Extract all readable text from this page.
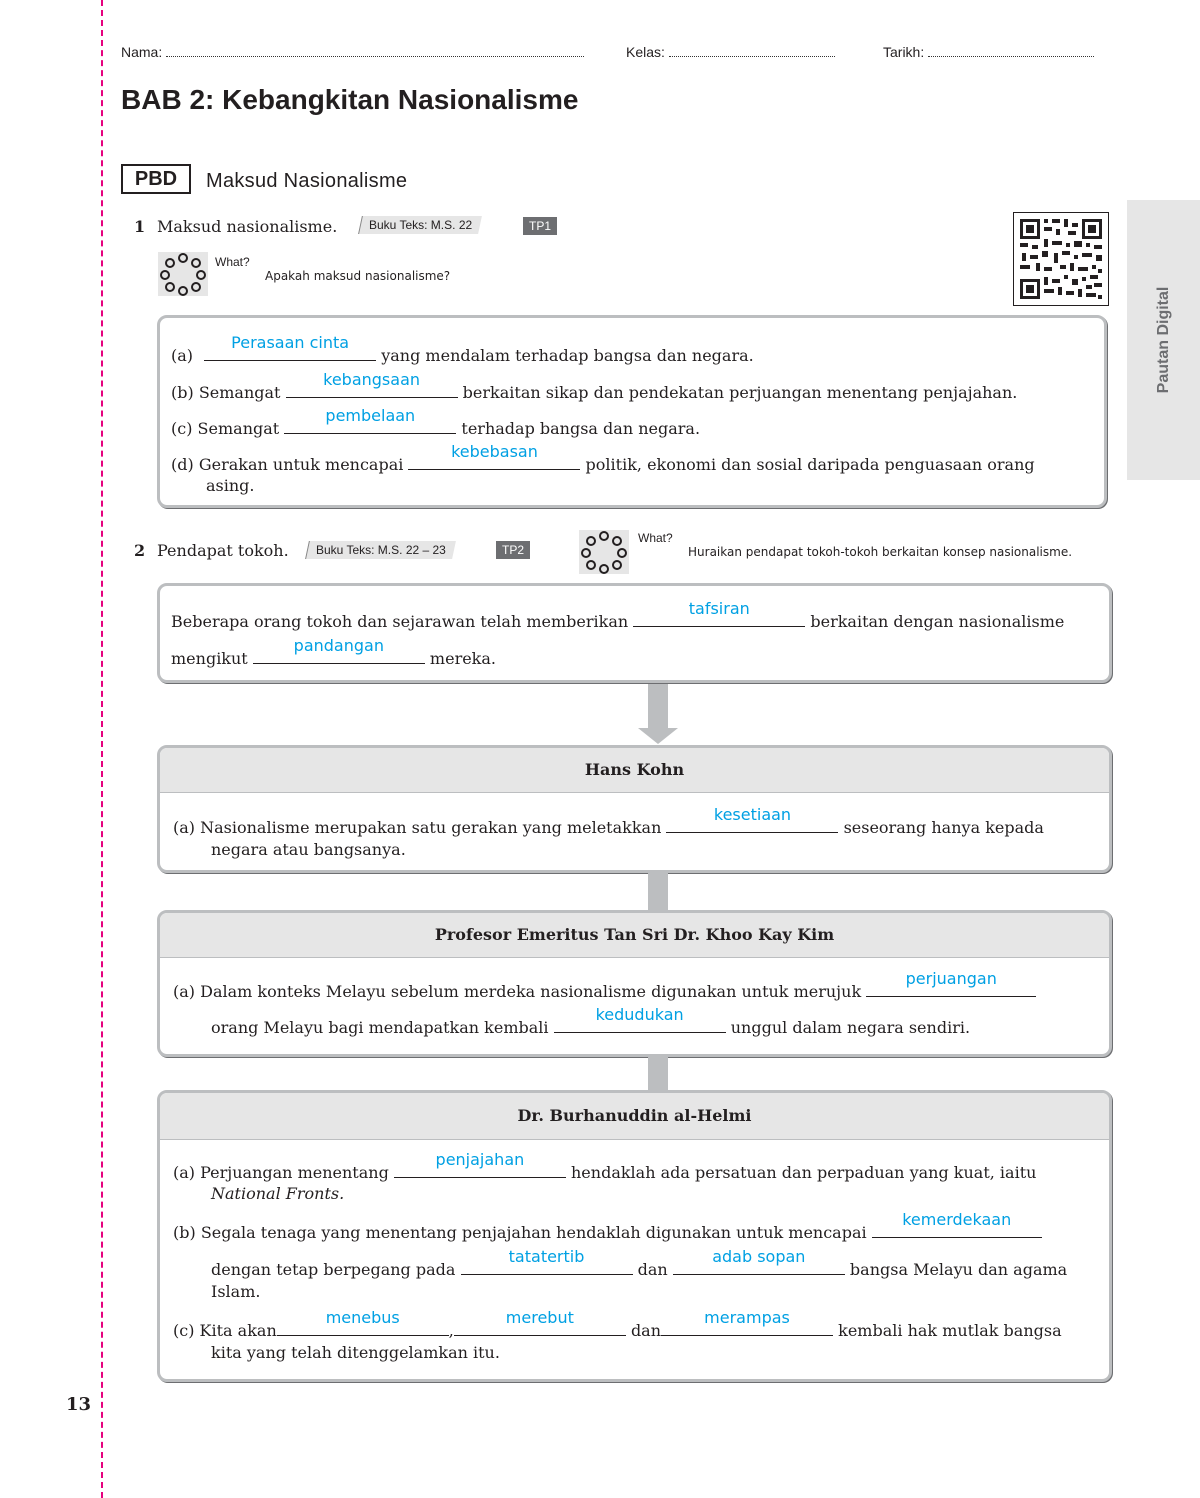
Nama:	Kelas:	Tarikh:
BAB 2: Kebangkitan Nasionalisme
PBD	Maksud Nasionalisme
Pautan Digital
1 Maksud nasionalisme.	Buku Teks: M.S. 22	TP1
What?
Apakah maksud nasionalisme?
(a)
Perasaan cinta
yang mendalam terhadap bangsa dan negara.
(b) Semangat
kebangsaan
berkaitan sikap dan pendekatan perjuangan menentang penjajahan.
(c) Semangat
pembelaan
terhadap bangsa dan negara.
(d) Gerakan untuk mencapai
kebebasan
politik, ekonomi dan sosial daripada penguasaan orang
asing.
2 Pendapat tokoh.	Buku Teks: M.S. 22 – 23	TP2
What?
Huraikan pendapat tokoh-tokoh berkaitan konsep nasionalisme.
Beberapa orang tokoh dan sejarawan telah memberikan
tafsiran
berkaitan dengan nasionalisme
mengikut
pandangan
mereka.
Hans Kohn
(a) Nasionalisme merupakan satu gerakan yang meletakkan
kesetiaan
seseorang hanya kepada
negara atau bangsanya.
Profesor Emeritus Tan Sri Dr. Khoo Kay Kim
(a) Dalam konteks Melayu sebelum merdeka nasionalisme digunakan untuk merujuk
perjuangan
orang Melayu bagi mendapatkan kembali
kedudukan
unggul dalam negara sendiri.
Dr. Burhanuddin al-Helmi
(a) Perjuangan menentang
penjajahan
hendaklah ada persatuan dan perpaduan yang kuat, iaitu
National Fronts.
(b) Segala tenaga yang menentang penjajahan hendaklah digunakan untuk mencapai
kemerdekaan
dengan tetap berpegang pada
tatatertib
dan
adab sopan
bangsa Melayu dan agama
Islam.
(c) Kita akan
menebus
,
merebut
dan
merampas
kembali hak mutlak bangsa
kita yang telah ditenggelamkan itu.
13
